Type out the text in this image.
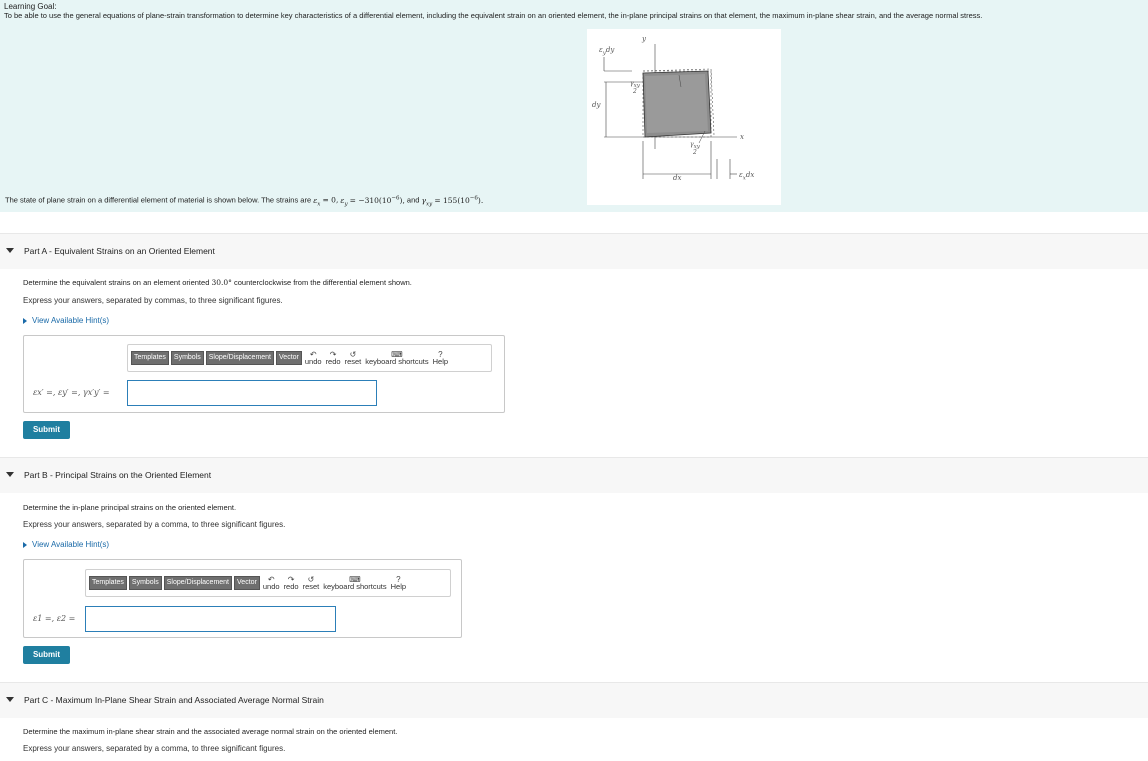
Learning Goal:
To be able to use the general equations of plane-strain transformation to determine key characteristics of a differential element, including the equivalent strain on an oriented element, the in-plane principal strains on that element, the maximum in-plane shear strain, and the average normal stress.
$\varepsilon_ydy$
y
dy
dx
x
$\gamma_{xy}$
2
$\gamma_{xy}$
2
$\varepsilon_xdx$
The state of plane strain on a differential element of material is shown below. The strains are $\varepsilon_x = 0$, $\varepsilon_y = -310(10^{-6})$, and $\gamma_{xy} = 155(10^{-6})$.
Part A - Equivalent Strains on an Oriented Element
Determine the equivalent strains on an element oriented 30.0° counterclockwise from the differential element shown.
Express your answers, separated by commas, to three significant figures.
View Available Hint(s)
Templates	Symbols	Slope/Displacement	Vector	↶
undo
↷
redo
↺
reset
⌨
keyboard shortcuts
?
Help
εx′ =, εy′ =, γx′y′ =
Submit
Part B - Principal Strains on the Oriented Element
Determine the in-plane principal strains on the oriented element.
Express your answers, separated by a comma, to three significant figures.
View Available Hint(s)
Templates	Symbols	Slope/Displacement	Vector	↶
undo
↷
redo
↺
reset
⌨
keyboard shortcuts
?
Help
ε1 =, ε2 =
Submit
Part C - Maximum In-Plane Shear Strain and Associated Average Normal Strain
Determine the maximum in-plane shear strain and the associated average normal strain on the oriented element.
Express your answers, separated by a comma, to three significant figures.
